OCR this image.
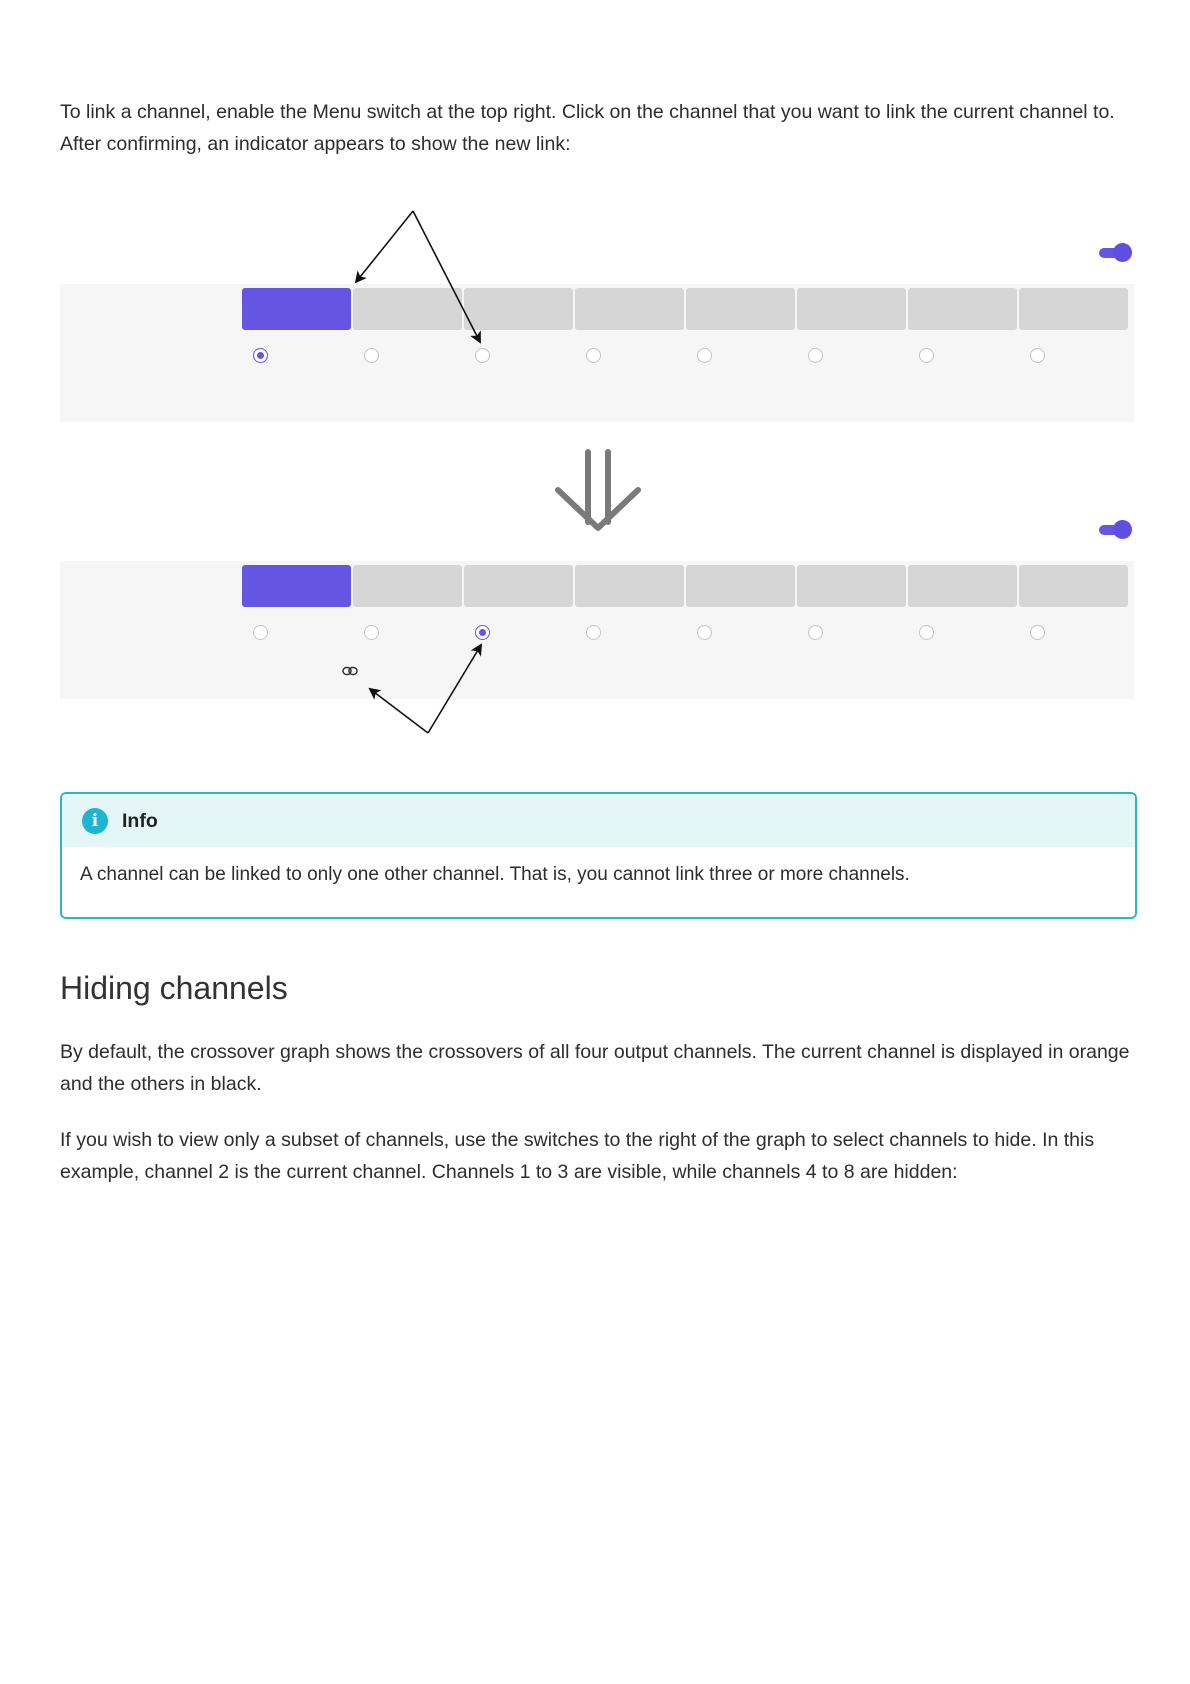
To link a channel, enable the Menu switch at the top right. Click on the channel that you want to link the current channel to. After confirming, an indicator appears to show the new link:

i	Info
A channel can be linked to only one other channel. That is, you cannot link three or more channels.
Hiding channels

By default, the crossover graph shows the crossovers of all four output channels. The current channel is displayed in orange and the others in black.

If you wish to view only a subset of channels, use the switches to the right of the graph to select channels to hide. In this example, channel 2 is the current channel. Channels 1 to 3 are visible, while channels 4 to 8 are hidden:
